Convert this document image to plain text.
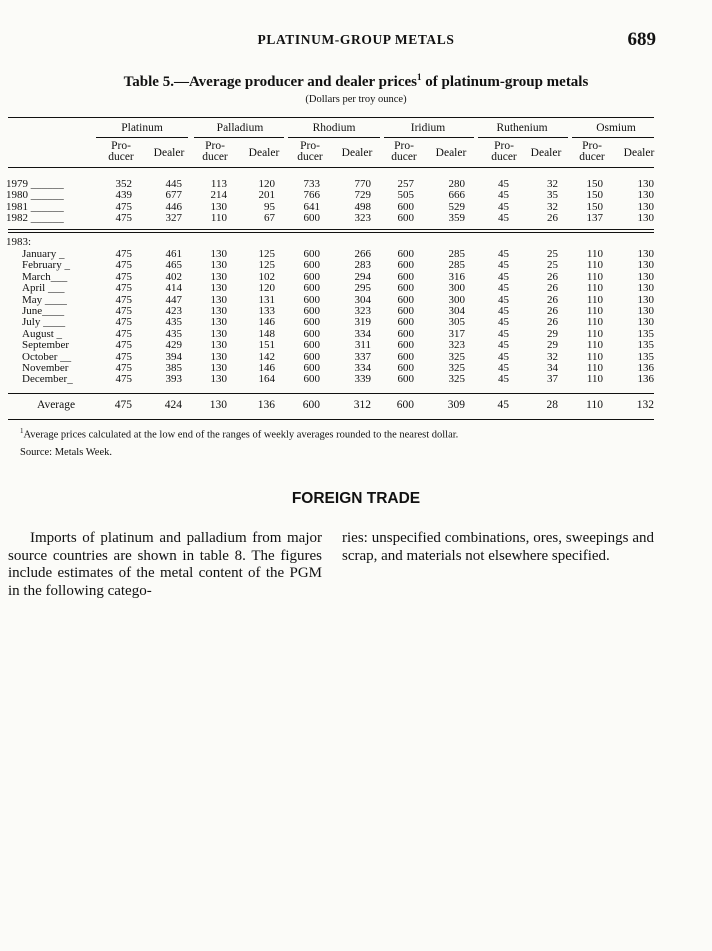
PLATINUM-GROUP METALS	689
Table 5.—Average producer and dealer prices$^1$ of platinum-group metals
(Dollars per troy ounce)
Platinum	Palladium	Rhodium	Iridium	Ruthenium	Osmium
Pro-
ducer	Dealer
Pro-
ducer	Dealer
Pro-
ducer	Dealer
Pro-
ducer	Dealer
Pro-
ducer	Dealer
Pro-
ducer	Dealer
1979 ______	352	445	113	120	733	770	257	280	45	32	150	130
1980 ______	439	677	214	201	766	729	505	666	45	35	150	130
1981 ______	475	446	130	95	641	498	600	529	45	32	150	130
1982 ______	475	327	110	67	600	323	600	359	45	26	137	130
1983:
January _	475	461	130	125	600	266	600	285	45	25	110	130
February _	475	465	130	125	600	283	600	285	45	25	110	130
March___	475	402	130	102	600	294	600	316	45	26	110	130
April ___	475	414	130	120	600	295	600	300	45	26	110	130
May ____	475	447	130	131	600	304	600	300	45	26	110	130
June____	475	423	130	133	600	323	600	304	45	26	110	130
July ____	475	435	130	146	600	319	600	305	45	26	110	130
August _	475	435	130	148	600	334	600	317	45	29	110	135
September	475	429	130	151	600	311	600	323	45	29	110	135
October __	475	394	130	142	600	337	600	325	45	32	110	135
November	475	385	130	146	600	334	600	325	45	34	110	136
December_	475	393	130	164	600	339	600	325	45	37	110	136
Average	475	424	130	136	600	312	600	309	45	28	110	132
$^1$Average prices calculated at the low end of the ranges of weekly averages rounded to the nearest dollar.
Source: Metals Week.
FOREIGN TRADE
Imports of platinum and palladium from major source countries are shown in table 8. The figures include estimates of the metal content of the PGM in the following catego-
ries: unspecified combinations, ores, sweepings and scrap, and materials not elsewhere specified.
